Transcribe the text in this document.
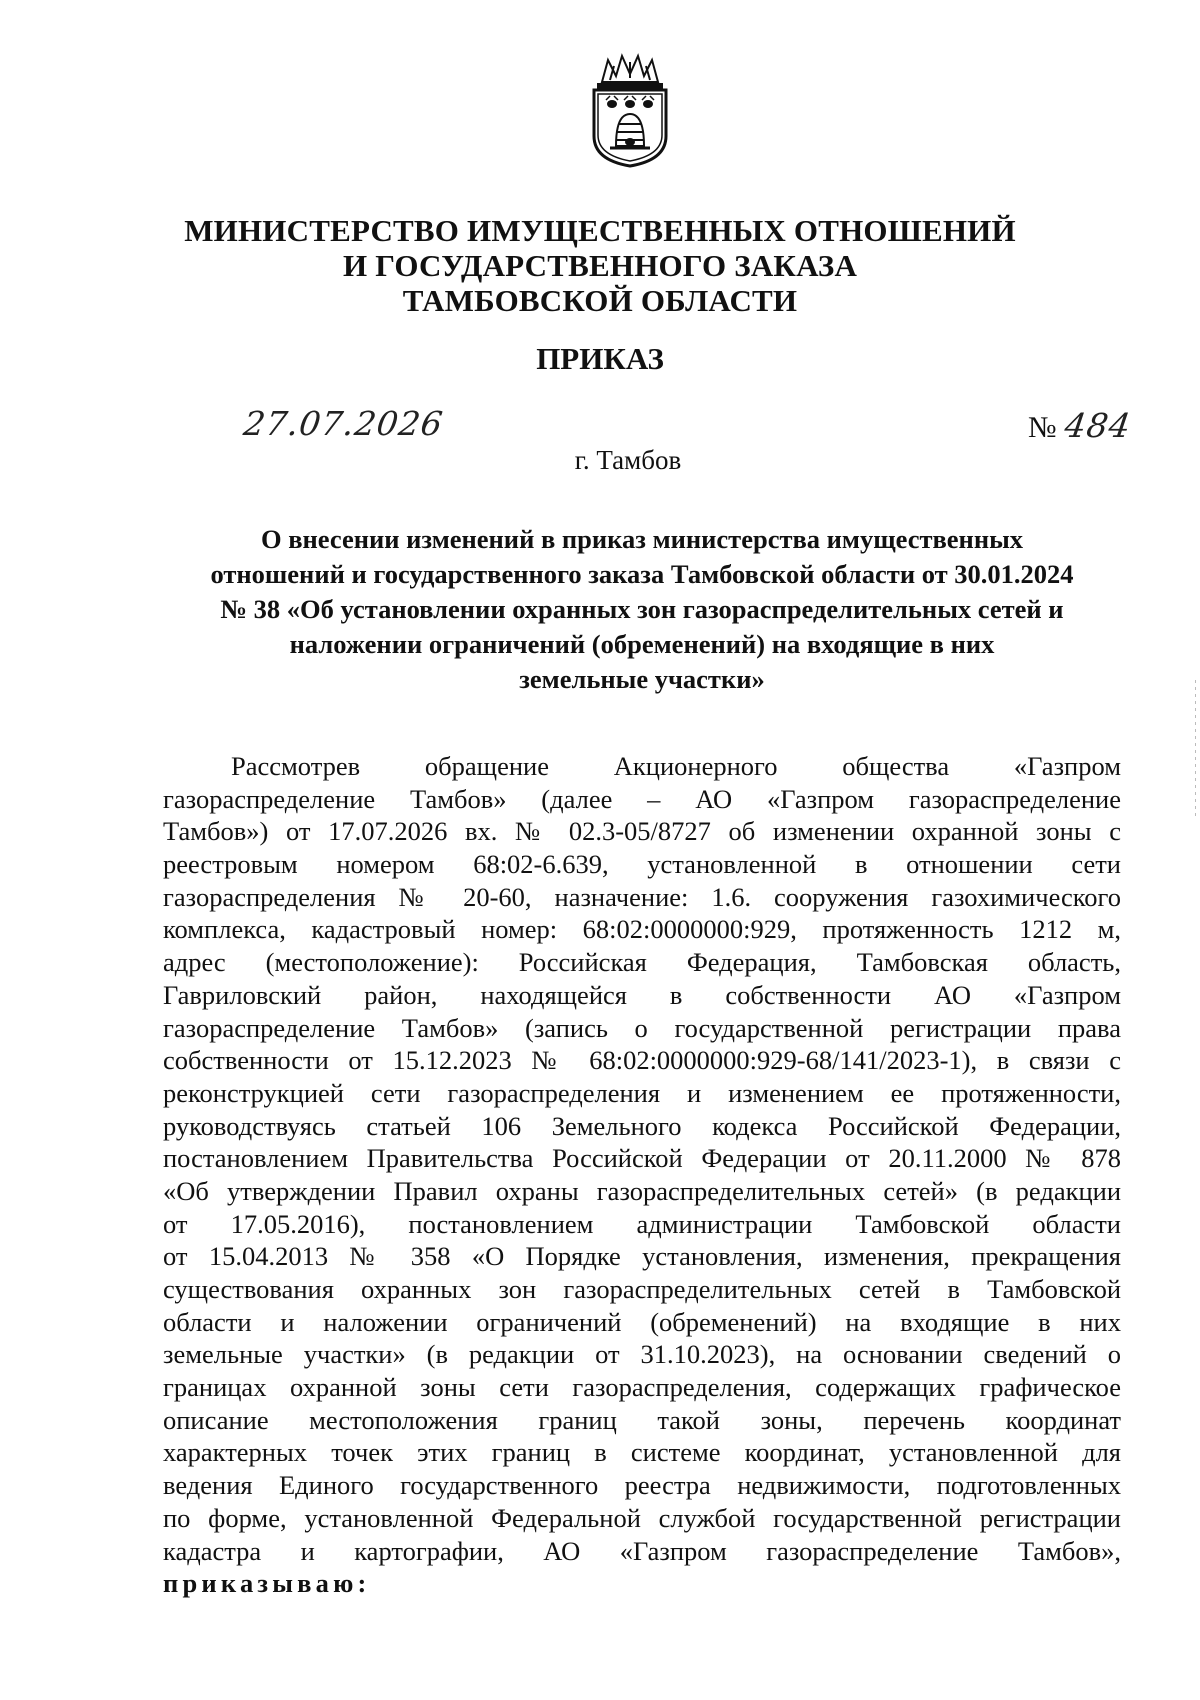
МИНИСТЕРСТВО ИМУЩЕСТВЕННЫХ ОТНОШЕНИЙ
И ГОСУДАРСТВЕННОГО ЗАКАЗА
ТАМБОВСКОЙ ОБЛАСТИ
ПРИКАЗ
27.07.2026	№ 484
г. Тамбов
О внесении изменений в приказ министерства имущественных
отношений и государственного заказа Тамбовской области от 30.01.2024
№ 38 «Об установлении охранных зон газораспределительных сетей и
наложении ограничений (обременений) на входящие в них
земельные участки»
Рассмотрев обращение Акционерного общества «Газпром
газораспределение Тамбов» (далее – АО «Газпром газораспределение
Тамбов») от 17.07.2026 вх. № 02.3-05/8727 об изменении охранной зоны с
реестровым номером 68:02-6.639, установленной в отношении сети
газораспределения № 20-60, назначение: 1.6. сооружения газохимического
комплекса, кадастровый номер: 68:02:0000000:929, протяженность 1212 м,
адрес (местоположение): Российская Федерация, Тамбовская область,
Гавриловский район, находящейся в собственности АО «Газпром
газораспределение Тамбов» (запись о государственной регистрации права
собственности от 15.12.2023 № 68:02:0000000:929-68/141/2023-1), в связи с
реконструкцией сети газораспределения и изменением ее протяженности,
руководствуясь статьей 106 Земельного кодекса Российской Федерации,
постановлением Правительства Российской Федерации от 20.11.2000 № 878
«Об утверждении Правил охраны газораспределительных сетей» (в редакции
от 17.05.2016), постановлением администрации Тамбовской области
от 15.04.2013 № 358 «О Порядке установления, изменения, прекращения
существования охранных зон газораспределительных сетей в Тамбовской
области и наложении ограничений (обременений) на входящие в них
земельные участки» (в редакции от 31.10.2023), на основании сведений о
границах охранной зоны сети газораспределения, содержащих графическое
описание местоположения границ такой зоны, перечень координат
характерных точек этих границ в системе координат, установленной для
ведения Единого государственного реестра недвижимости, подготовленных
по форме, установленной Федеральной службой государственной регистрации
кадастра и картографии, АО «Газпром газораспределение Тамбов»,
приказываю:
